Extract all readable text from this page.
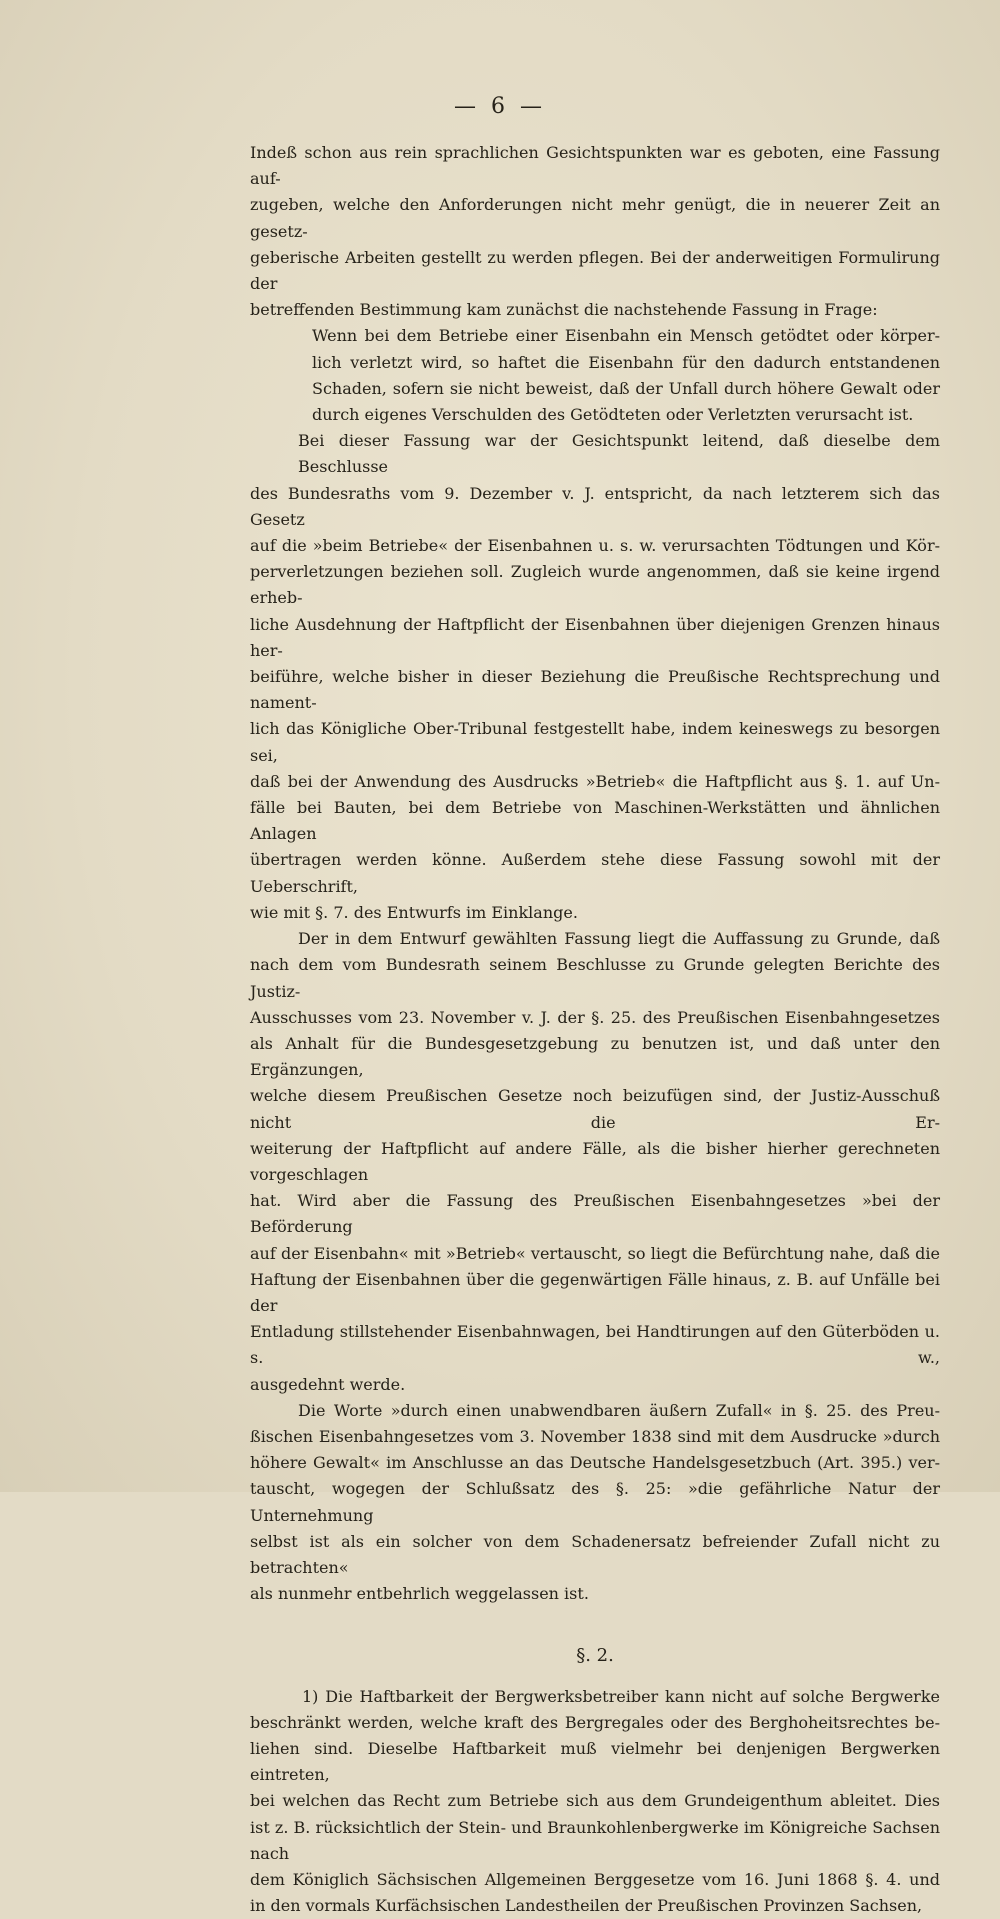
— 6 —
Indeß schon aus rein sprachlichen Gesichtspunkten war es geboten, eine Fassung auf-
zugeben, welche den Anforderungen nicht mehr genügt, die in neuerer Zeit an gesetz-
geberische Arbeiten gestellt zu werden pflegen. Bei der anderweitigen Formulirung der
betreffenden Bestimmung kam zunächst die nachstehende Fassung in Frage:
Wenn bei dem Betriebe einer Eisenbahn ein Mensch getödtet oder körper-
lich verletzt wird, so haftet die Eisenbahn für den dadurch entstandenen
Schaden, sofern sie nicht beweist, daß der Unfall durch höhere Gewalt oder
durch eigenes Verschulden des Getödteten oder Verletzten verursacht ist.
Bei dieser Fassung war der Gesichtspunkt leitend, daß dieselbe dem Beschlusse
des Bundesraths vom 9. Dezember v. J. entspricht, da nach letzterem sich das Gesetz
auf die »beim Betriebe« der Eisenbahnen u. s. w. verursachten Tödtungen und Kör-
perverletzungen beziehen soll. Zugleich wurde angenommen, daß sie keine irgend erheb-
liche Ausdehnung der Haftpflicht der Eisenbahnen über diejenigen Grenzen hinaus her-
beiführe, welche bisher in dieser Beziehung die Preußische Rechtsprechung und nament-
lich das Königliche Ober-Tribunal festgestellt habe, indem keineswegs zu besorgen sei,
daß bei der Anwendung des Ausdrucks »Betrieb« die Haftpflicht aus §. 1. auf Un-
fälle bei Bauten, bei dem Betriebe von Maschinen-Werkstätten und ähnlichen Anlagen
übertragen werden könne. Außerdem stehe diese Fassung sowohl mit der Ueberschrift,
wie mit §. 7. des Entwurfs im Einklange.
Der in dem Entwurf gewählten Fassung liegt die Auffassung zu Grunde, daß
nach dem vom Bundesrath seinem Beschlusse zu Grunde gelegten Berichte des Justiz-
Ausschusses vom 23. November v. J. der §. 25. des Preußischen Eisenbahngesetzes
als Anhalt für die Bundesgesetzgebung zu benutzen ist, und daß unter den Ergänzungen,
welche diesem Preußischen Gesetze noch beizufügen sind, der Justiz-Ausschuß nicht die Er-
weiterung der Haftpflicht auf andere Fälle, als die bisher hierher gerechneten vorgeschlagen
hat. Wird aber die Fassung des Preußischen Eisenbahngesetzes »bei der Beförderung
auf der Eisenbahn« mit »Betrieb« vertauscht, so liegt die Befürchtung nahe, daß die
Haftung der Eisenbahnen über die gegenwärtigen Fälle hinaus, z. B. auf Unfälle bei der
Entladung stillstehender Eisenbahnwagen, bei Handtirungen auf den Güterböden u. s. w.,
ausgedehnt werde.
Die Worte »durch einen unabwendbaren äußern Zufall« in §. 25. des Preu-
ßischen Eisenbahngesetzes vom 3. November 1838 sind mit dem Ausdrucke »durch
höhere Gewalt« im Anschlusse an das Deutsche Handelsgesetzbuch (Art. 395.) ver-
tauscht, wogegen der Schlußsatz des §. 25: »die gefährliche Natur der Unternehmung
selbst ist als ein solcher von dem Schadenersatz befreiender Zufall nicht zu betrachten«
als nunmehr entbehrlich weggelassen ist.
§. 2.
1) Die Haftbarkeit der Bergwerksbetreiber kann nicht auf solche Bergwerke
beschränkt werden, welche kraft des Bergregales oder des Berghoheitsrechtes be-
liehen sind. Dieselbe Haftbarkeit muß vielmehr bei denjenigen Bergwerken eintreten,
bei welchen das Recht zum Betriebe sich aus dem Grundeigenthum ableitet. Dies
ist z. B. rücksichtlich der Stein- und Braunkohlenbergwerke im Königreiche Sachsen nach
dem Königlich Sächsischen Allgemeinen Berggesetze vom 16. Juni 1868 §. 4. und
in den vormals Kurfächsischen Landestheilen der Preußischen Provinzen Sachsen,
